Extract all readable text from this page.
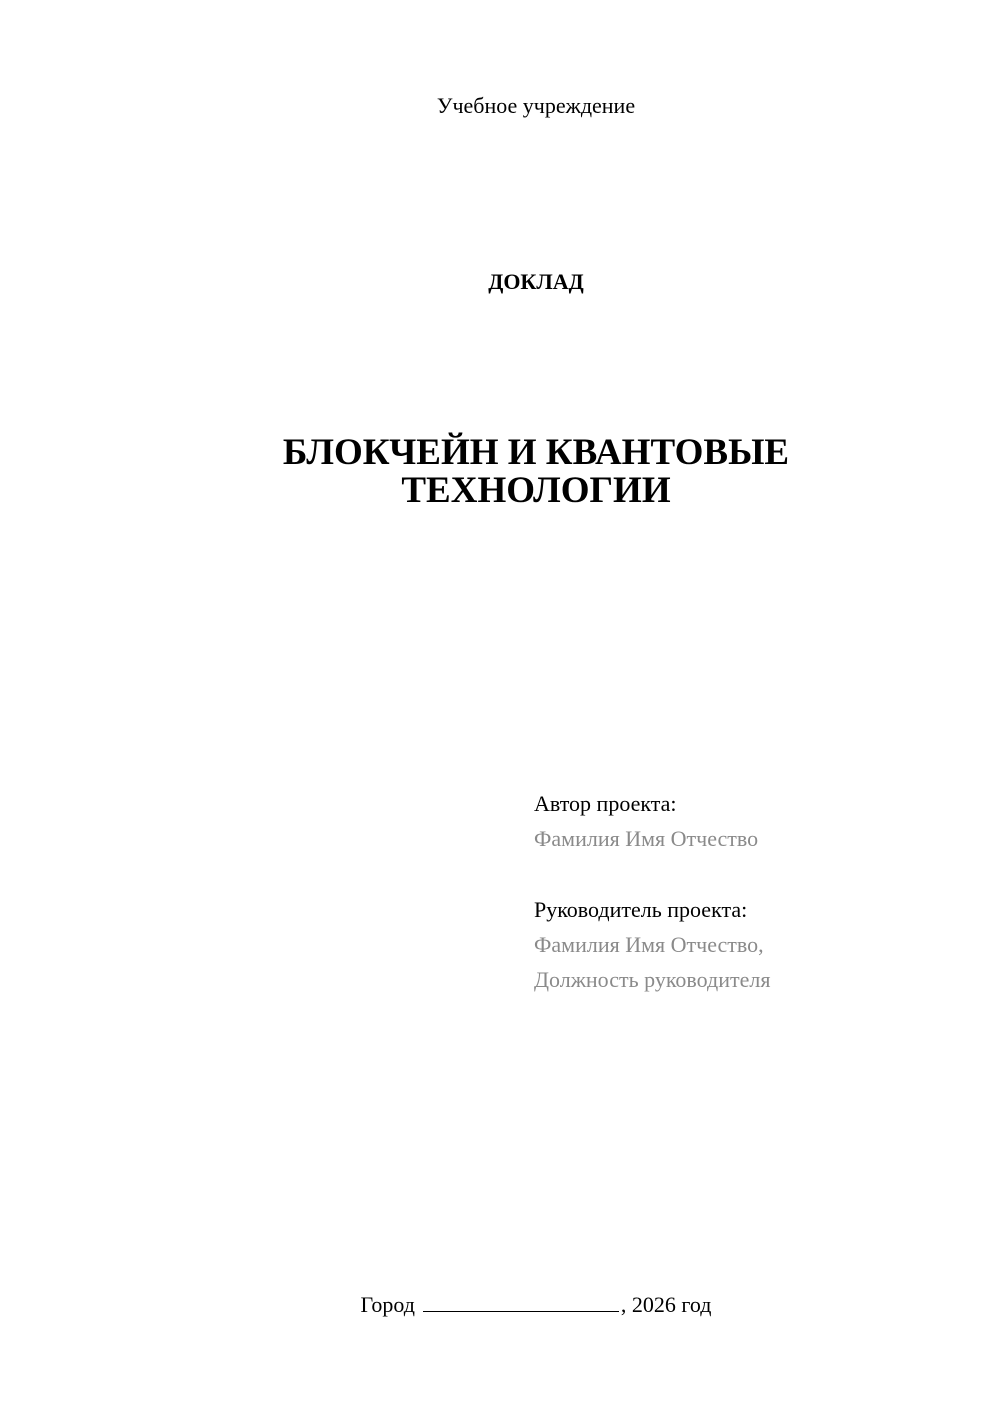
Учебное учреждение
ДОКЛАД
БЛОКЧЕЙН И КВАНТОВЫЕ
ТЕХНОЛОГИИ
Автор проекта:
Фамилия Имя Отчество
Руководитель проекта:
Фамилия Имя Отчество,
Должность руководителя
Город	, 2026 год
